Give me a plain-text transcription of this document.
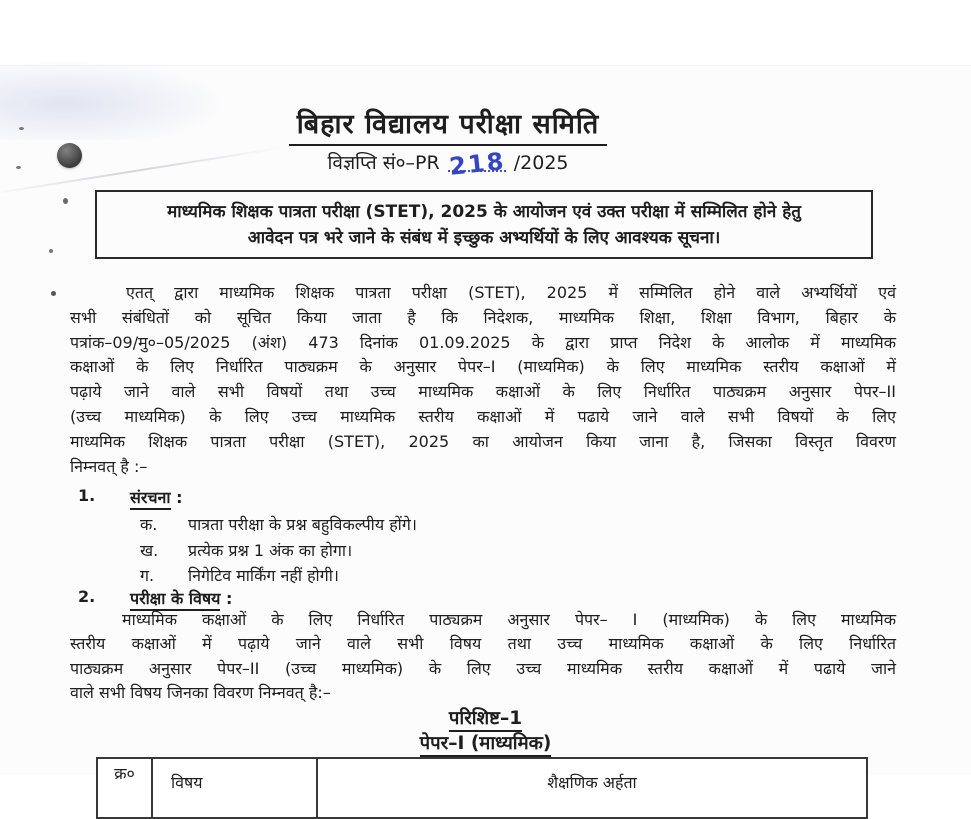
बिहार विद्यालय परीक्षा समिति
विज्ञप्ति सं०–PR 218 /2025
माध्यमिक शिक्षक पात्रता परीक्षा (STET), 2025 के आयोजन एवं उक्त परीक्षा में सम्मिलित होने हेतु
आवेदन पत्र भरे जाने के संबंध में इच्छुक अभ्यर्थियों के लिए आवश्यक सूचना।
एतत् द्वारा माध्यमिक शिक्षक पात्रता परीक्षा (STET), 2025 में सम्मिलित होने वाले अभ्यर्थियों एवं
सभी संबंधितों को सूचित किया जाता है कि निदेशक, माध्यमिक शिक्षा, शिक्षा विभाग, बिहार के
पत्रांक–09/मु०–05/2025 (अंश) 473 दिनांक 01.09.2025 के द्वारा प्राप्त निदेश के आलोक में माध्यमिक
कक्षाओं के लिए निर्धारित पाठ्यक्रम के अनुसार पेपर–I (माध्यमिक) के लिए माध्यमिक स्तरीय कक्षाओं में
पढ़ाये जाने वाले सभी विषयों तथा उच्च माध्यमिक कक्षाओं के लिए निर्धारित पाठ्यक्रम अनुसार पेपर–II
(उच्च माध्यमिक) के लिए उच्च माध्यमिक स्तरीय कक्षाओं में पढाये जाने वाले सभी विषयों के लिए
माध्यमिक शिक्षक पात्रता परीक्षा (STET), 2025 का आयोजन किया जाना है, जिसका विस्तृत विवरण
निम्नवत् है :–
1.	संरचना :
क.	पात्रता परीक्षा के प्रश्न बहुविकल्पीय होंगे।
ख.	प्रत्येक प्रश्न 1 अंक का होगा।
ग.	निगेटिव मार्किंग नहीं होगी।
2.	परीक्षा के विषय :
माध्यमिक कक्षाओं के लिए निर्धारित पाठ्यक्रम अनुसार पेपर– I (माध्यमिक) के लिए माध्यमिक
स्तरीय कक्षाओं में पढ़ाये जाने वाले सभी विषय तथा उच्च माध्यमिक कक्षाओं के लिए निर्धारित
पाठ्यक्रम अनुसार पेपर–II (उच्च माध्यमिक) के लिए उच्च माध्यमिक स्तरीय कक्षाओं में पढाये जाने
वाले सभी विषय जिनका विवरण निम्नवत् है:–
परिशिष्ट–1
पेपर–I (माध्यमिक)
क्र०	विषय	शैक्षणिक अर्हता
